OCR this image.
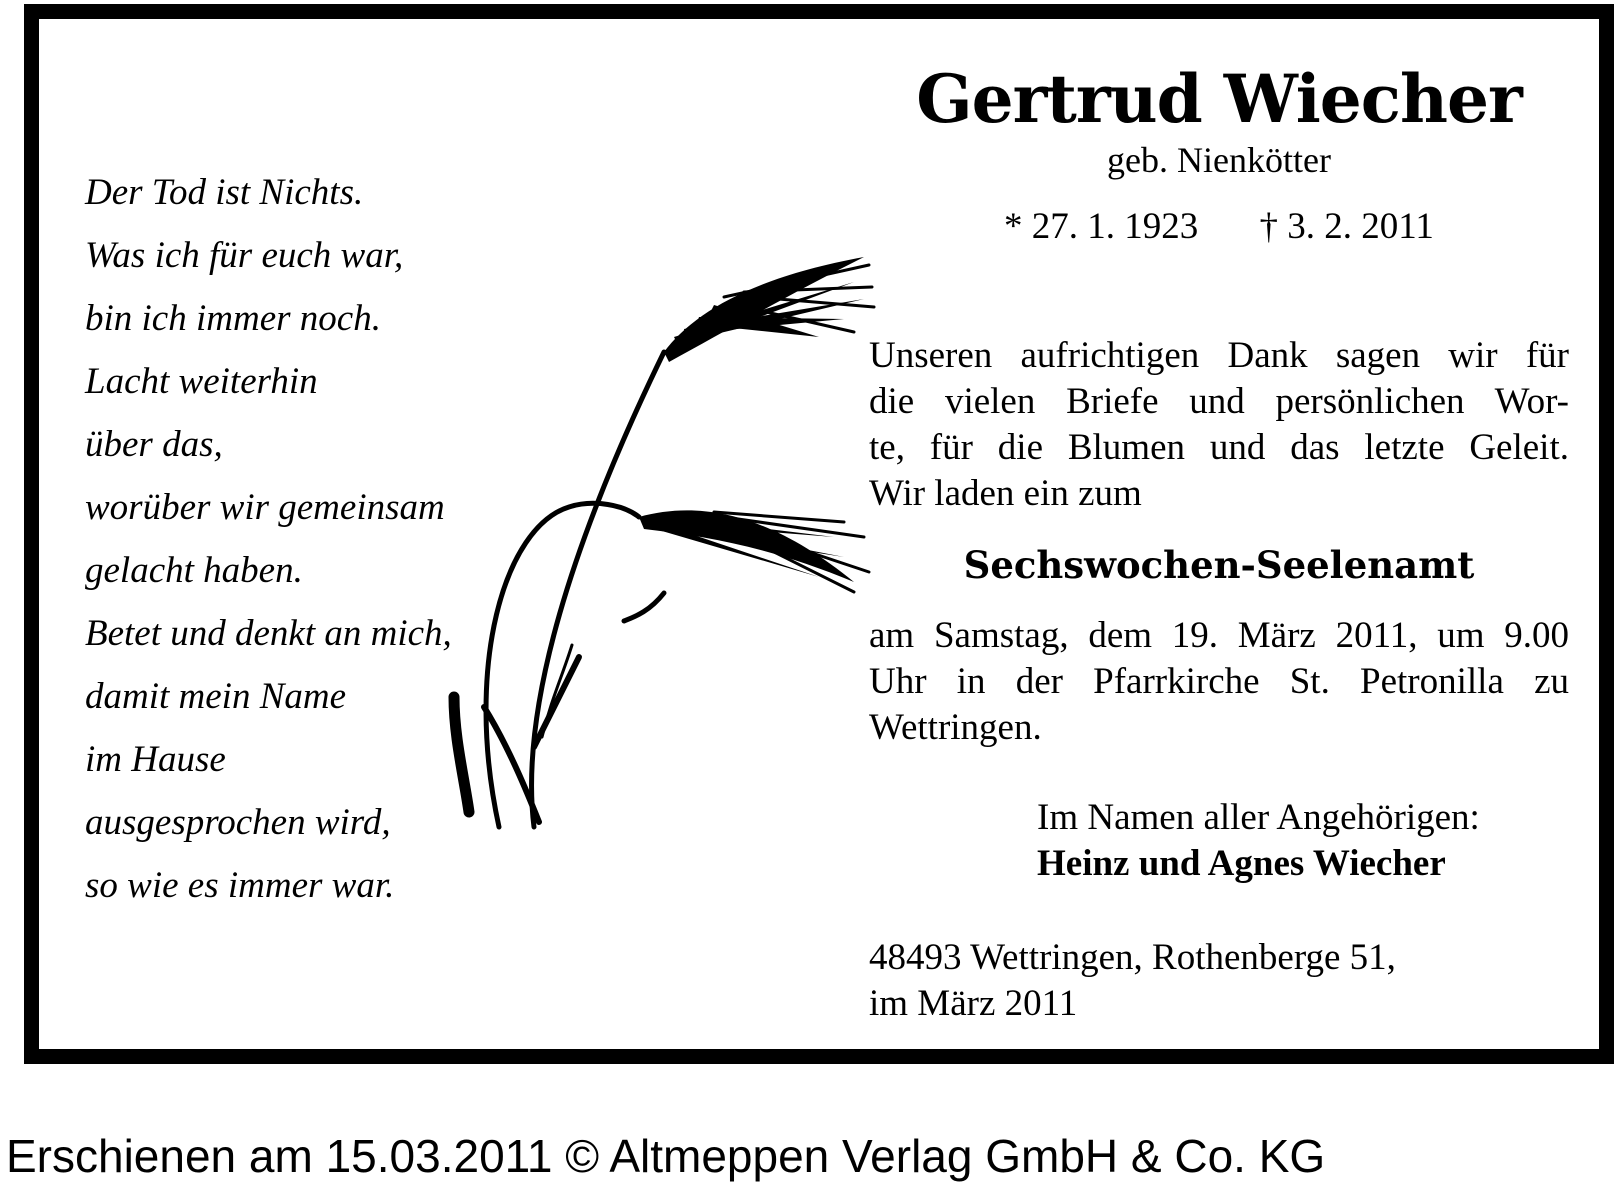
Der Tod ist Nichts.
Was ich für euch war,
bin ich immer noch.
Lacht weiterhin
über das,
worüber wir gemeinsam
gelacht haben.
Betet und denkt an mich,
damit mein Name
im Hause
ausgesprochen wird,
so wie es immer war.
Gertrud Wiecher

geb. Nienkötter

* 27. 1. 1923 † 3. 2. 2011
Unseren aufrichtigen Dank sagen wir für
die vielen Briefe und persönlichen Wor-
te, für die Blumen und das letzte Geleit.
Wir laden ein zum
Sechswochen-Seelenamt
am Samstag, dem 19. März 2011, um 9.00
Uhr in der Pfarrkirche St. Petronilla zu
Wettringen.
Im Namen aller Angehörigen:
Heinz und Agnes Wiecher
48493 Wettringen, Rothenberge 51,
im März 2011
Erschienen am 15.03.2011 © Altmeppen Verlag GmbH & Co. KG
